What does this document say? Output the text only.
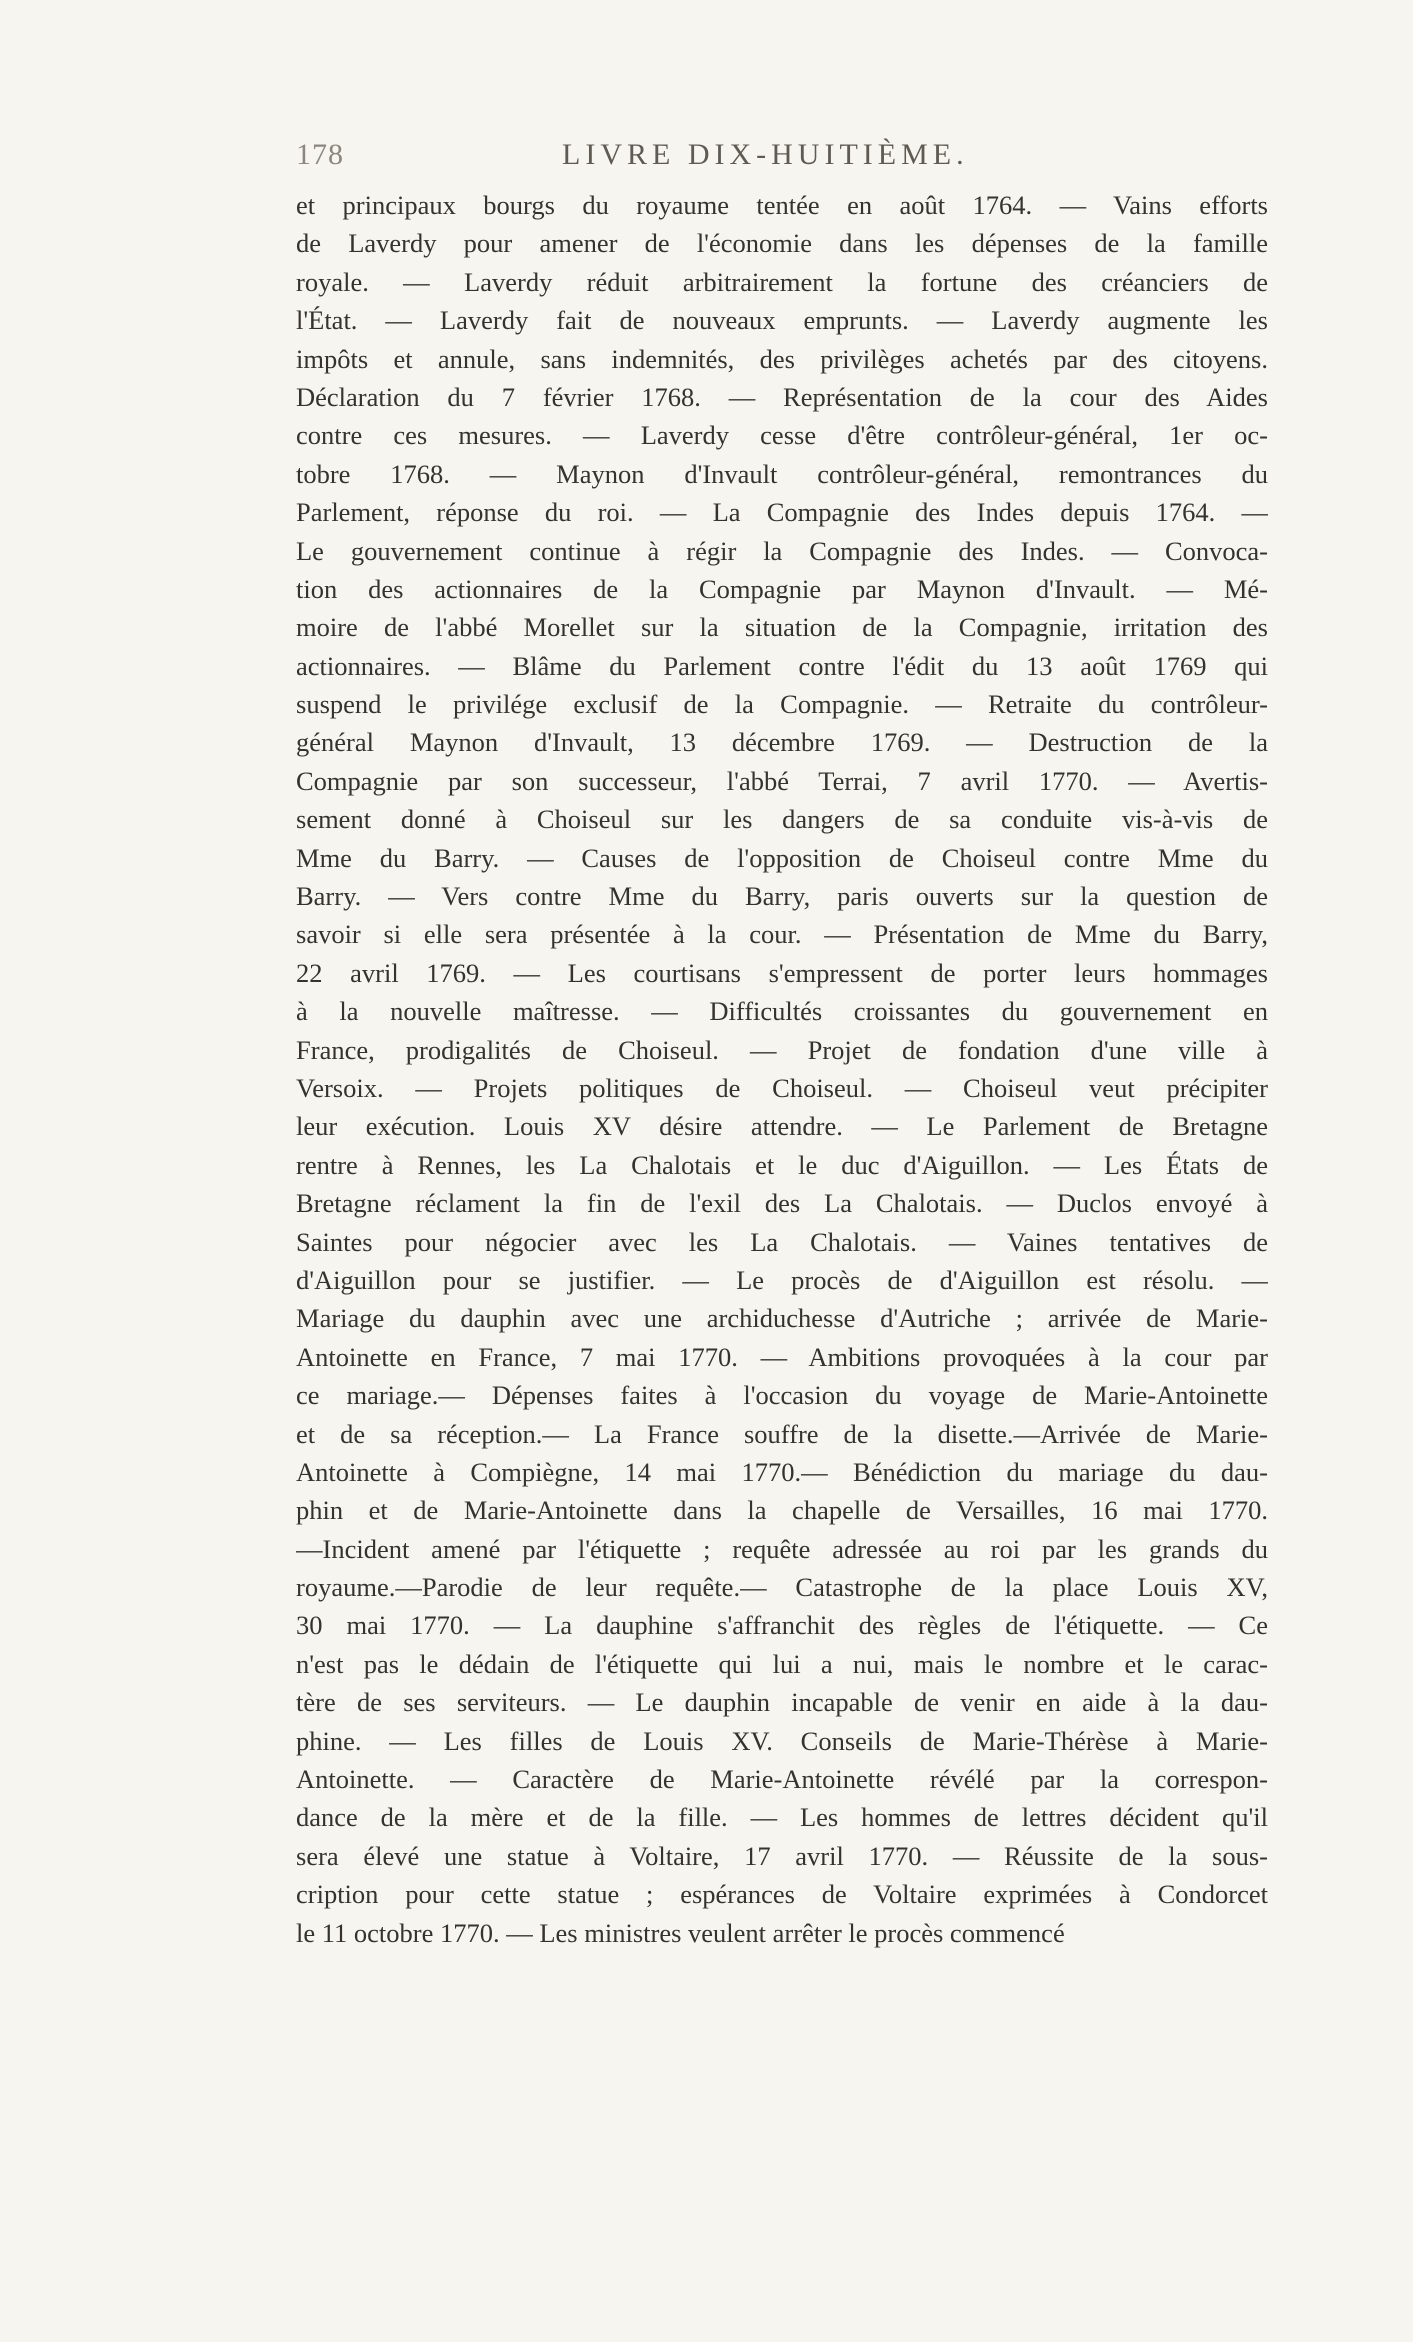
178	LIVRE DIX-HUITIÈME.
et principaux bourgs du royaume tentée en août 1764. — Vains efforts
de Laverdy pour amener de l'économie dans les dépenses de la famille
royale. — Laverdy réduit arbitrairement la fortune des créanciers de
l'État. — Laverdy fait de nouveaux emprunts. — Laverdy augmente les
impôts et annule, sans indemnités, des privilèges achetés par des citoyens.
Déclaration du 7 février 1768. — Représentation de la cour des Aides
contre ces mesures. — Laverdy cesse d'être contrôleur-général, 1er oc-
tobre 1768. — Maynon d'Invault contrôleur-général, remontrances du
Parlement, réponse du roi. — La Compagnie des Indes depuis 1764. —
Le gouvernement continue à régir la Compagnie des Indes. — Convoca-
tion des actionnaires de la Compagnie par Maynon d'Invault. — Mé-
moire de l'abbé Morellet sur la situation de la Compagnie, irritation des
actionnaires. — Blâme du Parlement contre l'édit du 13 août 1769 qui
suspend le privilége exclusif de la Compagnie. — Retraite du contrôleur-
général Maynon d'Invault, 13 décembre 1769. — Destruction de la
Compagnie par son successeur, l'abbé Terrai, 7 avril 1770. — Avertis-
sement donné à Choiseul sur les dangers de sa conduite vis-à-vis de
Mme du Barry. — Causes de l'opposition de Choiseul contre Mme du
Barry. — Vers contre Mme du Barry, paris ouverts sur la question de
savoir si elle sera présentée à la cour. — Présentation de Mme du Barry,
22 avril 1769. — Les courtisans s'empressent de porter leurs hommages
à la nouvelle maîtresse. — Difficultés croissantes du gouvernement en
France, prodigalités de Choiseul. — Projet de fondation d'une ville à
Versoix. — Projets politiques de Choiseul. — Choiseul veut précipiter
leur exécution. Louis XV désire attendre. — Le Parlement de Bretagne
rentre à Rennes, les La Chalotais et le duc d'Aiguillon. — Les États de
Bretagne réclament la fin de l'exil des La Chalotais. — Duclos envoyé à
Saintes pour négocier avec les La Chalotais. — Vaines tentatives de
d'Aiguillon pour se justifier. — Le procès de d'Aiguillon est résolu. —
Mariage du dauphin avec une archiduchesse d'Autriche ; arrivée de Marie-
Antoinette en France, 7 mai 1770. — Ambitions provoquées à la cour par
ce mariage.— Dépenses faites à l'occasion du voyage de Marie-Antoinette
et de sa réception.— La France souffre de la disette.—Arrivée de Marie-
Antoinette à Compiègne, 14 mai 1770.— Bénédiction du mariage du dau-
phin et de Marie-Antoinette dans la chapelle de Versailles, 16 mai 1770.
—Incident amené par l'étiquette ; requête adressée au roi par les grands du
royaume.—Parodie de leur requête.— Catastrophe de la place Louis XV,
30 mai 1770. — La dauphine s'affranchit des règles de l'étiquette. — Ce
n'est pas le dédain de l'étiquette qui lui a nui, mais le nombre et le carac-
tère de ses serviteurs. — Le dauphin incapable de venir en aide à la dau-
phine. — Les filles de Louis XV. Conseils de Marie-Thérèse à Marie-
Antoinette. — Caractère de Marie-Antoinette révélé par la correspon-
dance de la mère et de la fille. — Les hommes de lettres décident qu'il
sera élevé une statue à Voltaire, 17 avril 1770. — Réussite de la sous-
cription pour cette statue ; espérances de Voltaire exprimées à Condorcet
le 11 octobre 1770. — Les ministres veulent arrêter le procès commencé
